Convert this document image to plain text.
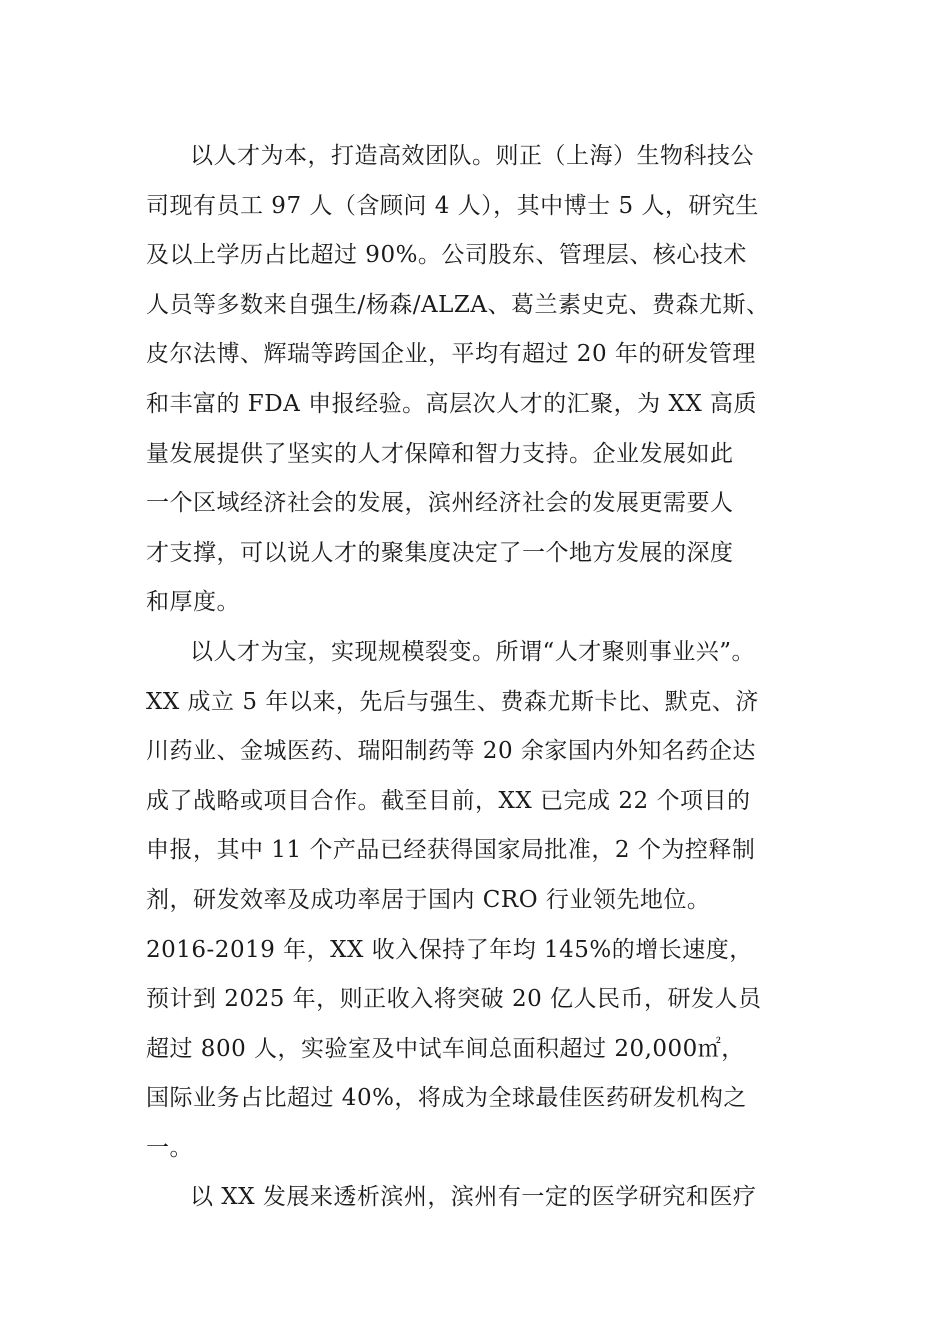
以人才为本，打造高效团队。则正（上海）生物科技公
司现有员工 97 人（含顾问 4 人），其中博士 5 人，研究生
及以上学历占比超过 90%。公司股东、管理层、核心技术
人员等多数来自强生/杨森/ALZA、葛兰素史克、费森尤斯、
皮尔法博、辉瑞等跨国企业，平均有超过 20 年的研发管理
和丰富的 FDA 申报经验。高层次人才的汇聚，为 XX 高质
量发展提供了坚实的人才保障和智力支持。企业发展如此
一个区域经济社会的发展，滨州经济社会的发展更需要人
才支撑，可以说人才的聚集度决定了一个地方发展的深度
和厚度。
以人才为宝，实现规模裂变。所谓“人才聚则事业兴”。
XX 成立 5 年以来，先后与强生、费森尤斯卡比、默克、济
川药业、金城医药、瑞阳制药等 20 余家国内外知名药企达
成了战略或项目合作。截至目前，XX 已完成 22 个项目的
申报，其中 11 个产品已经获得国家局批准，2 个为控释制
剂，研发效率及成功率居于国内 CRO 行业领先地位。
2016-2019 年，XX 收入保持了年均 145%的增长速度，
预计到 2025 年，则正收入将突破 20 亿人民币，研发人员
超过 800 人，实验室及中试车间总面积超过 20,000㎡，
国际业务占比超过 40%，将成为全球最佳医药研发机构之
一。
以 XX 发展来透析滨州，滨州有一定的医学研究和医疗
